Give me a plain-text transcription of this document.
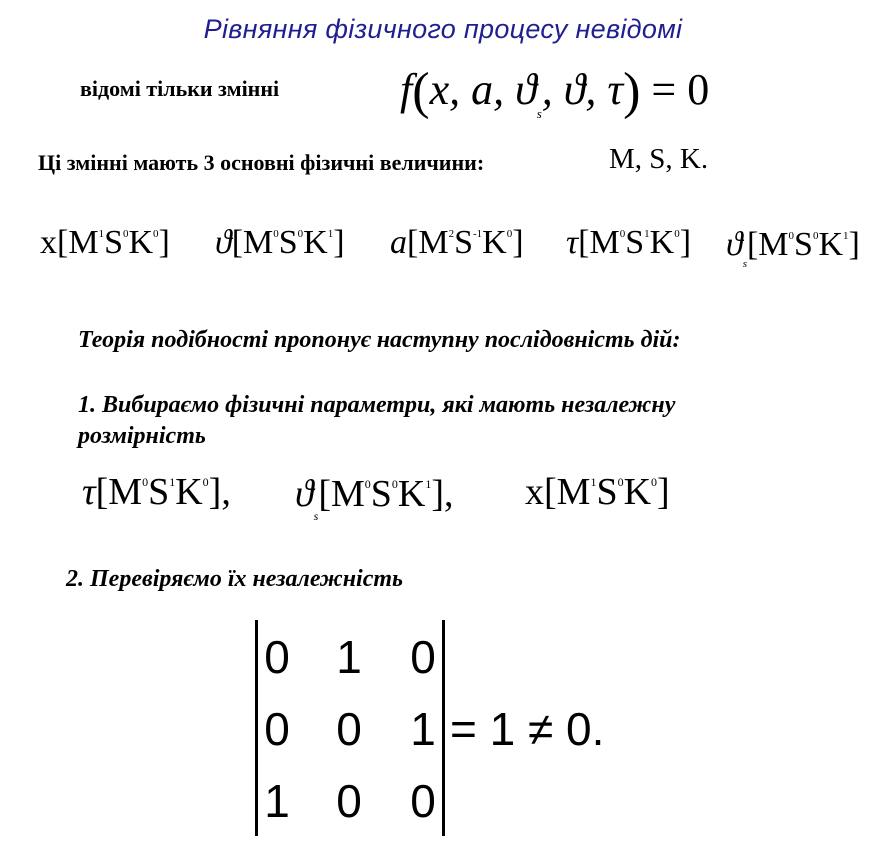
Рівняння фізичного процесу невідомі
відомі тільки змінні	f(x, a, $ϑ_s$, ϑ, τ) = 0
Ці змінні мають 3 основні фізичні величини:	M, S, K.
$x[M^1S^0K^0]$ $ϑ[M^0S^0K^1]$ $a[M^2S^{-1}K^0]$ $\tau[M^0S^1K^0]$ $ϑ_s[M^0S^0K^1]$
Теорія подібності пропонує наступну послідовність дій:
1. Вибираємо фізичні параметри, які мають незалежну
розмірність
$\tau[M^0S^1K^0]$, $ϑ_s[M^0S^0K^1]$, $x[M^1S^0K^0]$
2. Перевіряємо їх незалежність
0 1 0
0 0 1
1 0 0
= 1 ≠ 0.
